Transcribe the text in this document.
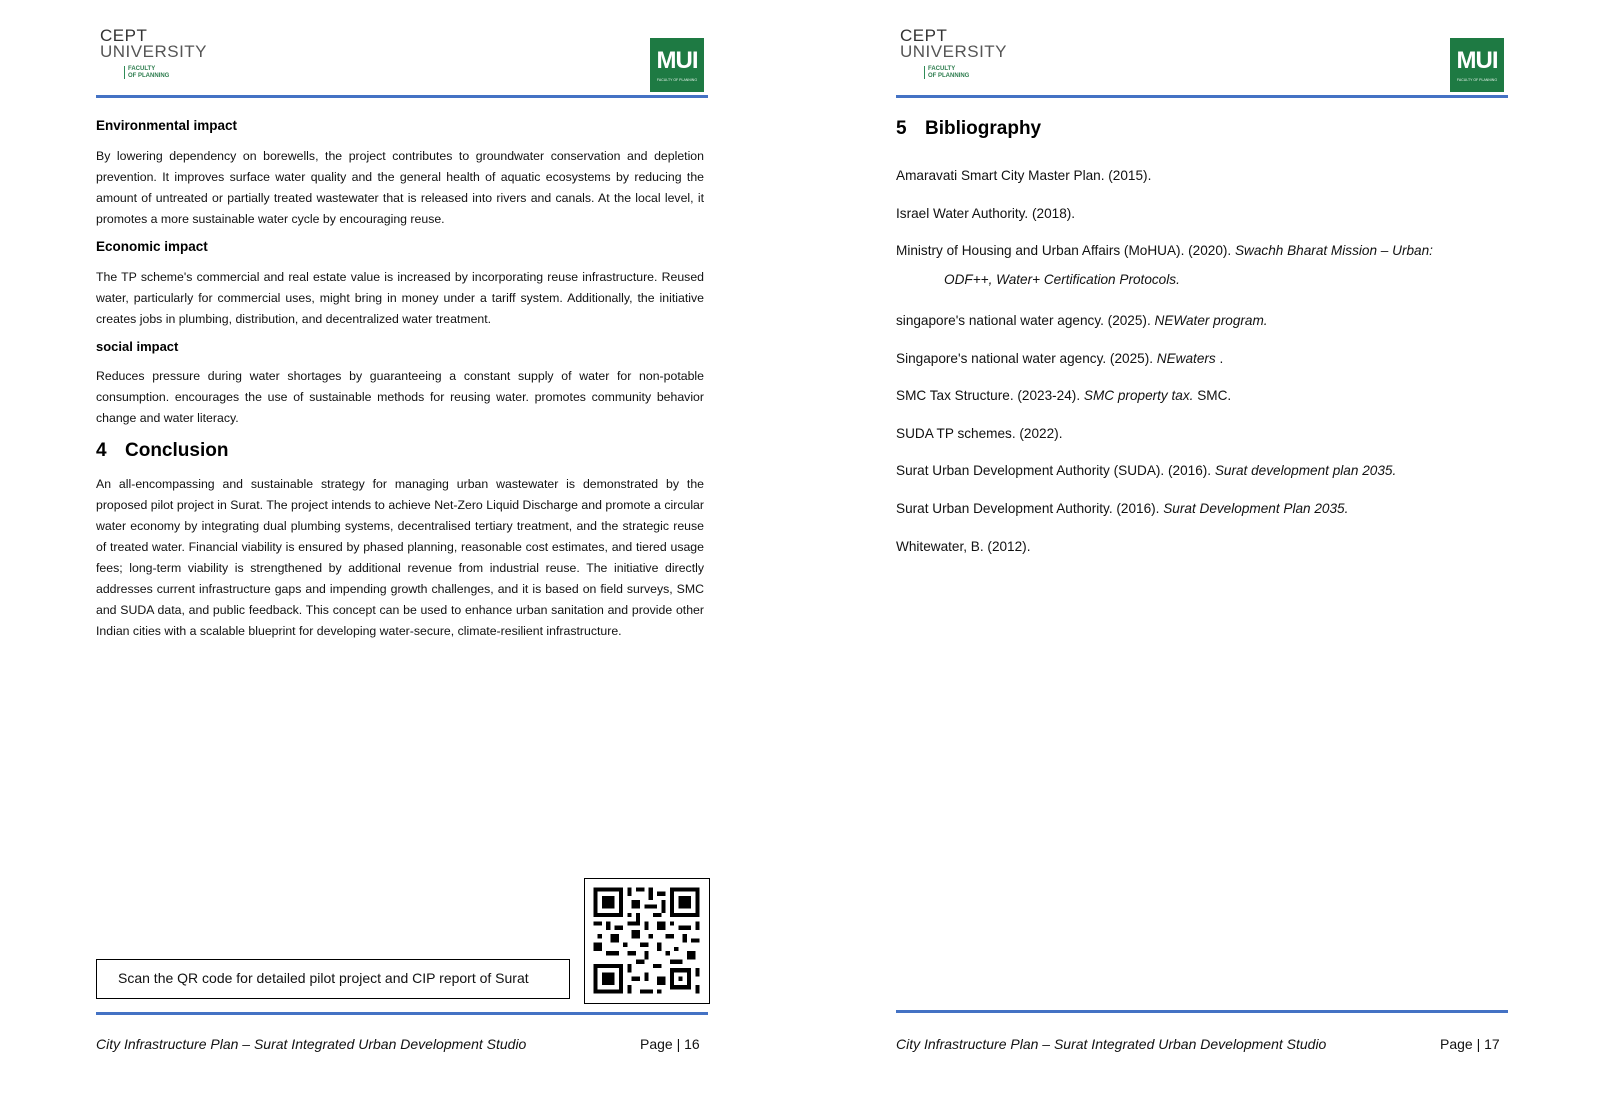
CEPT
UNIVERSITY
FACULTY
OF PLANNING
MUI
FACULTY OF PLANNING
Environmental impact

By lowering dependency on borewells, the project contributes to groundwater conservation and depletion prevention. It improves surface water quality and the general health of aquatic ecosystems by reducing the amount of untreated or partially treated wastewater that is released into rivers and canals. At the local level, it promotes a more sustainable water cycle by encouraging reuse.

Economic impact

The TP scheme's commercial and real estate value is increased by incorporating reuse infrastructure. Reused water, particularly for commercial uses, might bring in money under a tariff system. Additionally, the initiative creates jobs in plumbing, distribution, and decentralized water treatment.

social impact

Reduces pressure during water shortages by guaranteeing a constant supply of water for non-potable consumption. encourages the use of sustainable methods for reusing water. promotes community behavior change and water literacy.

4 Conclusion

An all-encompassing and sustainable strategy for managing urban wastewater is demonstrated by the proposed pilot project in Surat. The project intends to achieve Net-Zero Liquid Discharge and promote a circular water economy by integrating dual plumbing systems, decentralised tertiary treatment, and the strategic reuse of treated water. Financial viability is ensured by phased planning, reasonable cost estimates, and tiered usage fees; long-term viability is strengthened by additional revenue from industrial reuse. The initiative directly addresses current infrastructure gaps and impending growth challenges, and it is based on field surveys, SMC and SUDA data, and public feedback. This concept can be used to enhance urban sanitation and provide other Indian cities with a scalable blueprint for developing water-secure, climate-resilient infrastructure.

Scan the QR code for detailed pilot project and CIP report of Surat
City Infrastructure Plan – Surat Integrated Urban Development Studio	Page | 16
CEPT
UNIVERSITY
FACULTY
OF PLANNING
MUI
FACULTY OF PLANNING
5 Bibliography
Amaravati Smart City Master Plan. (2015).
Israel Water Authority. (2018).
Ministry of Housing and Urban Affairs (MoHUA). (2020). Swachh Bharat Mission – Urban:
ODF++, Water+ Certification Protocols.
singapore's national water agency. (2025). NEWater program.
Singapore's national water agency. (2025). NEwaters .
SMC Tax Structure. (2023-24). SMC property tax. SMC.
SUDA TP schemes. (2022).
Surat Urban Development Authority (SUDA). (2016). Surat development plan 2035.
Surat Urban Development Authority. (2016). Surat Development Plan 2035.
Whitewater, B. (2012).
City Infrastructure Plan – Surat Integrated Urban Development Studio	Page | 17
